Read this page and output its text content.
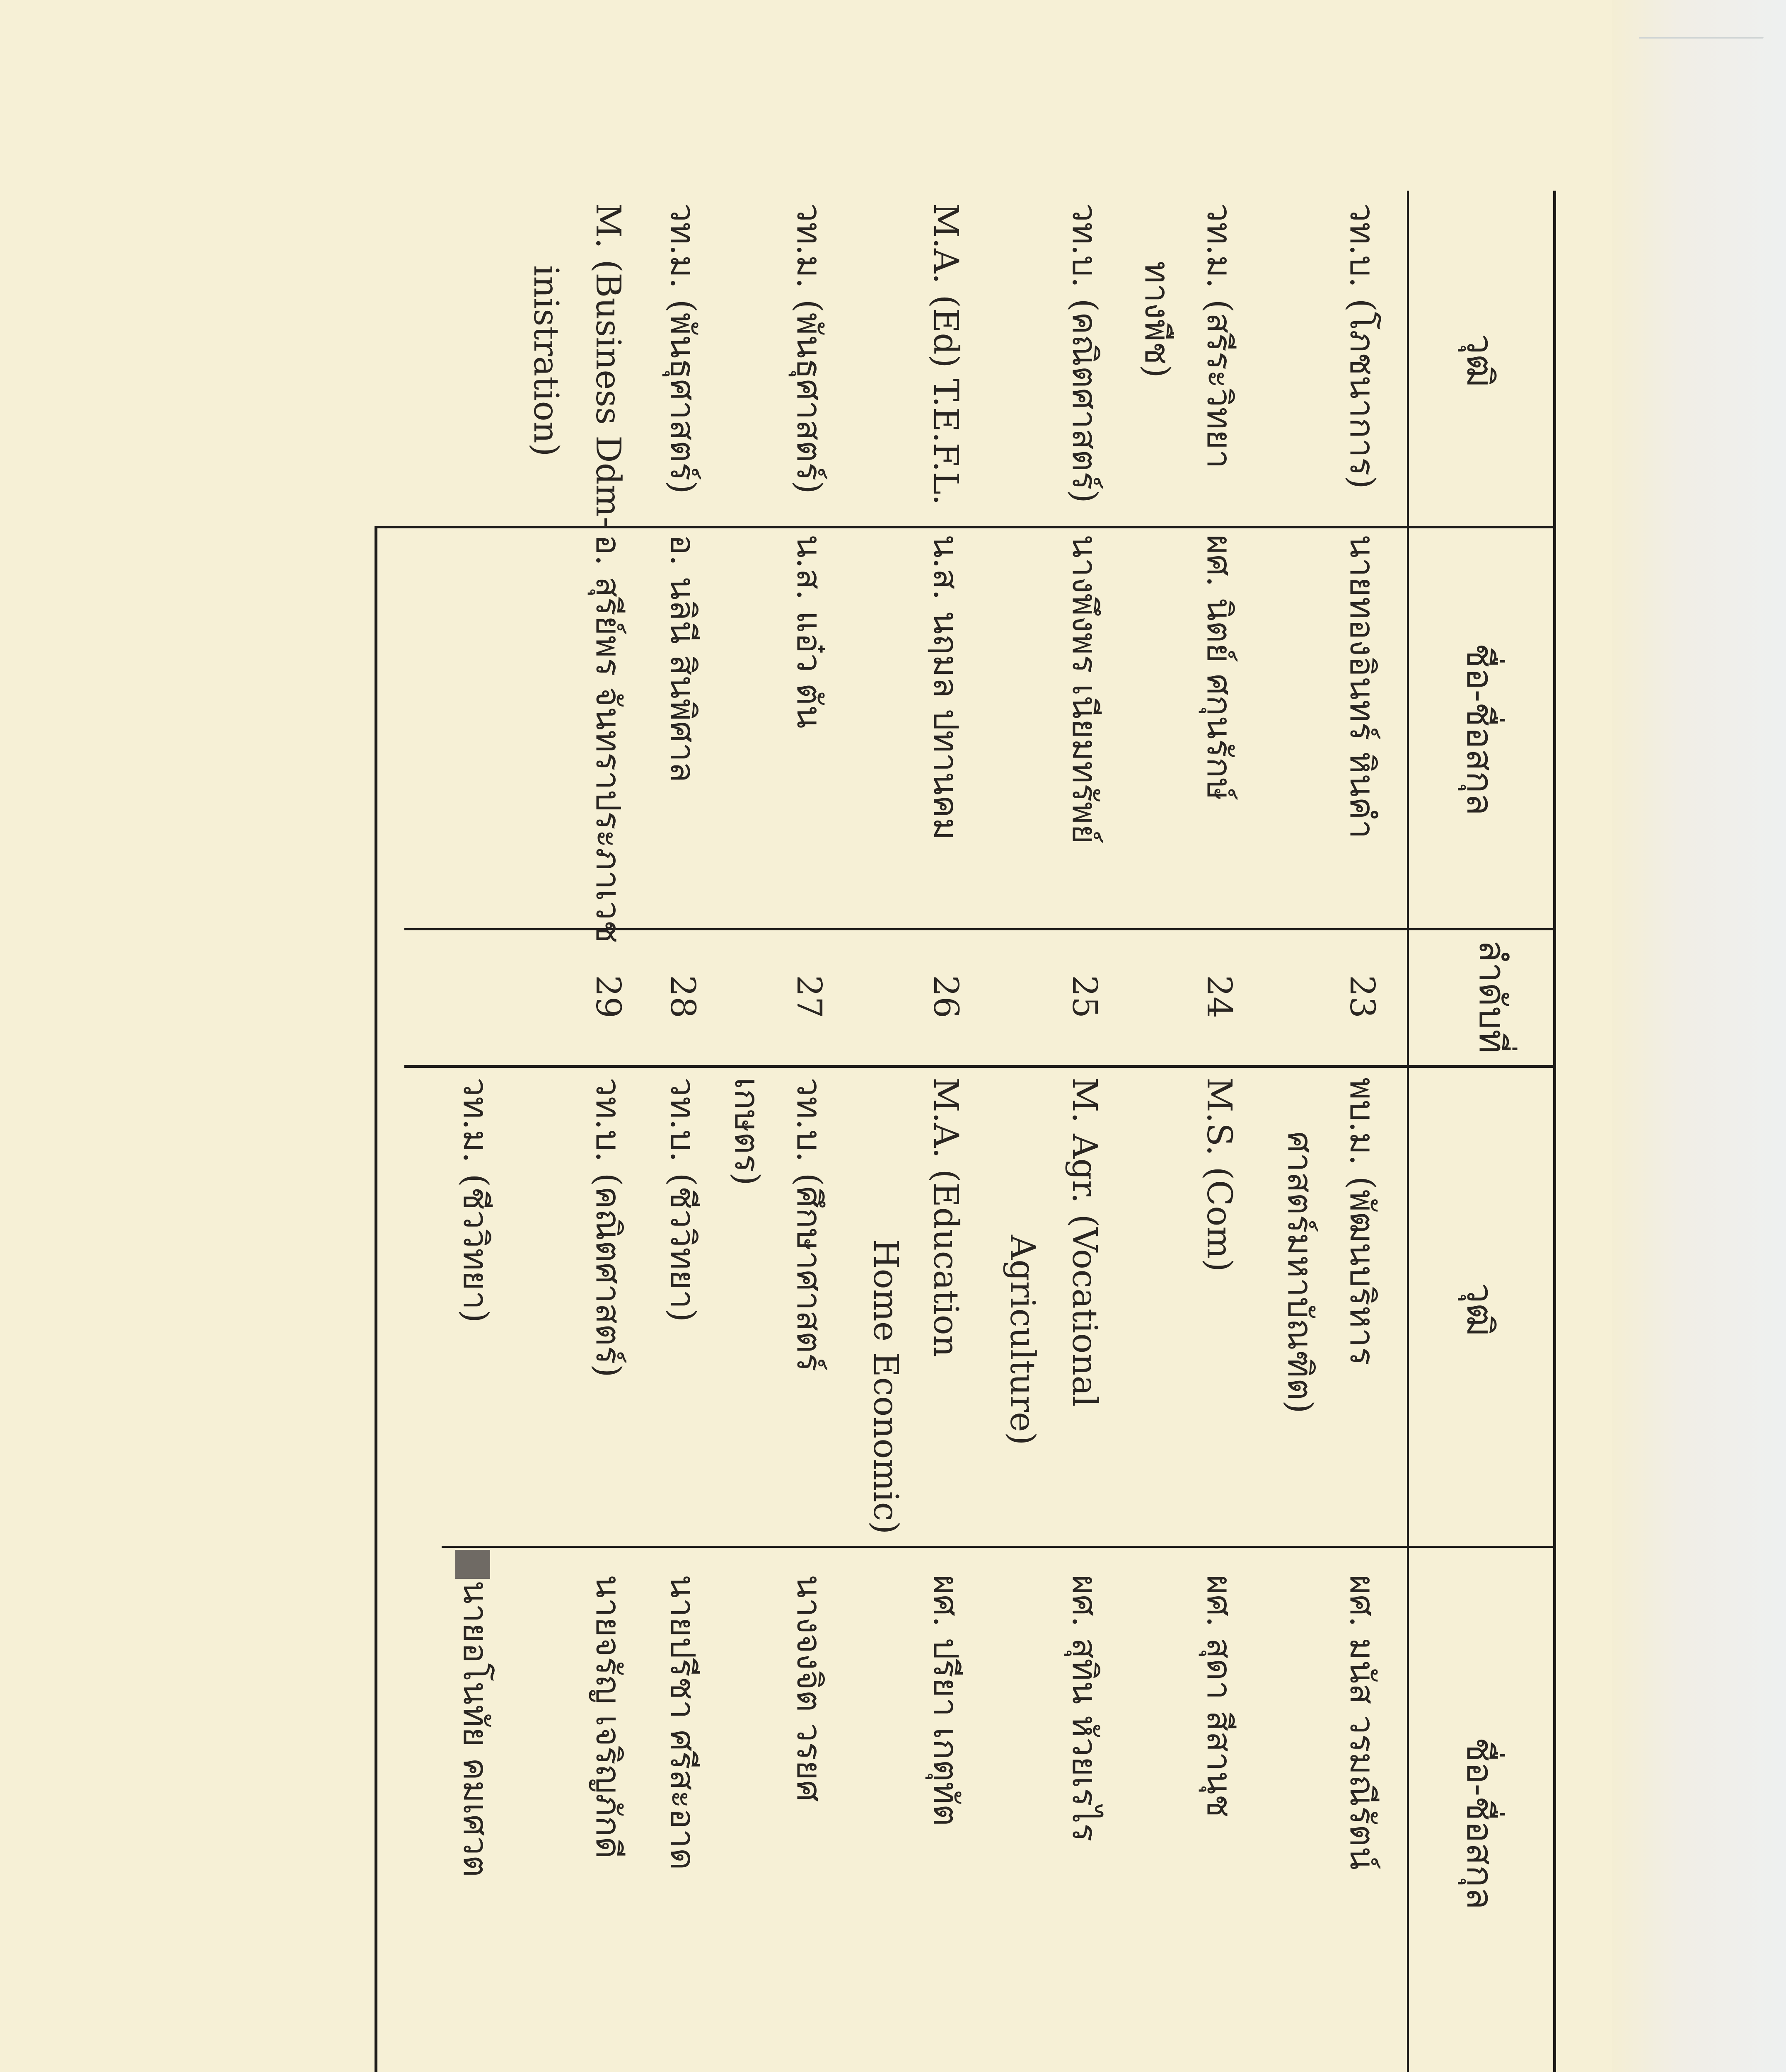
ชื่อ-ชื่อสกุล
วุฒิ
ลำดับที่
ชื่อ-ชื่อสกุล
วุฒิ
ผศ. มนัส วรมณีรัตน์
พบ.ม. (พัฒนบริหาร
ศาสตร์มหาบัณฑิต)
ผศ. สุดา สีสานุช
M.S. (Com)
ผศ. สุทิน หัวยเรไร
M. Agr. (Vocational
Agriculture)
ผศ. ปรียา เกตุทัต
M.A. (Education
Home Economic)
นางจงจิต วรยศ
วท.บ. (ศึกษาศาสตร์
เกษตร)
นายปรีชา ศรีสะอาด
วท.บ. (ชีววิทยา)
นายจรัญ เจริญภักดี
วท.บ. (คณิตศาสตร์)
นายอโนทัย คมเศวต
วท.ม. (ชีววิทยา)
23
นายทองอินทร์ หินคำ
วท.บ. (โภชนาการ)
24
ผศ. นิตย์ ศกุนรักษ์
วท.ม. (สรีระวิทยา
ทางพืช)
25
นางพึงพร เนียมทรัพย์
วท.บ. (คณิตศาสตร์)
26
น.ส. นฤมล ปทานคม
M.A. (Ed) T.E.F.L.
27
น.ส. แอ๋ว ตัน
วท.ม. (พันธุศาสตร์)
28
อ. นลินี สินพิศาล
วท.ม. (พันธุศาสตร์)
29
อ. สุรีย์พร จันทราประภาเวช
M. (Business Ddm-
inistration)
